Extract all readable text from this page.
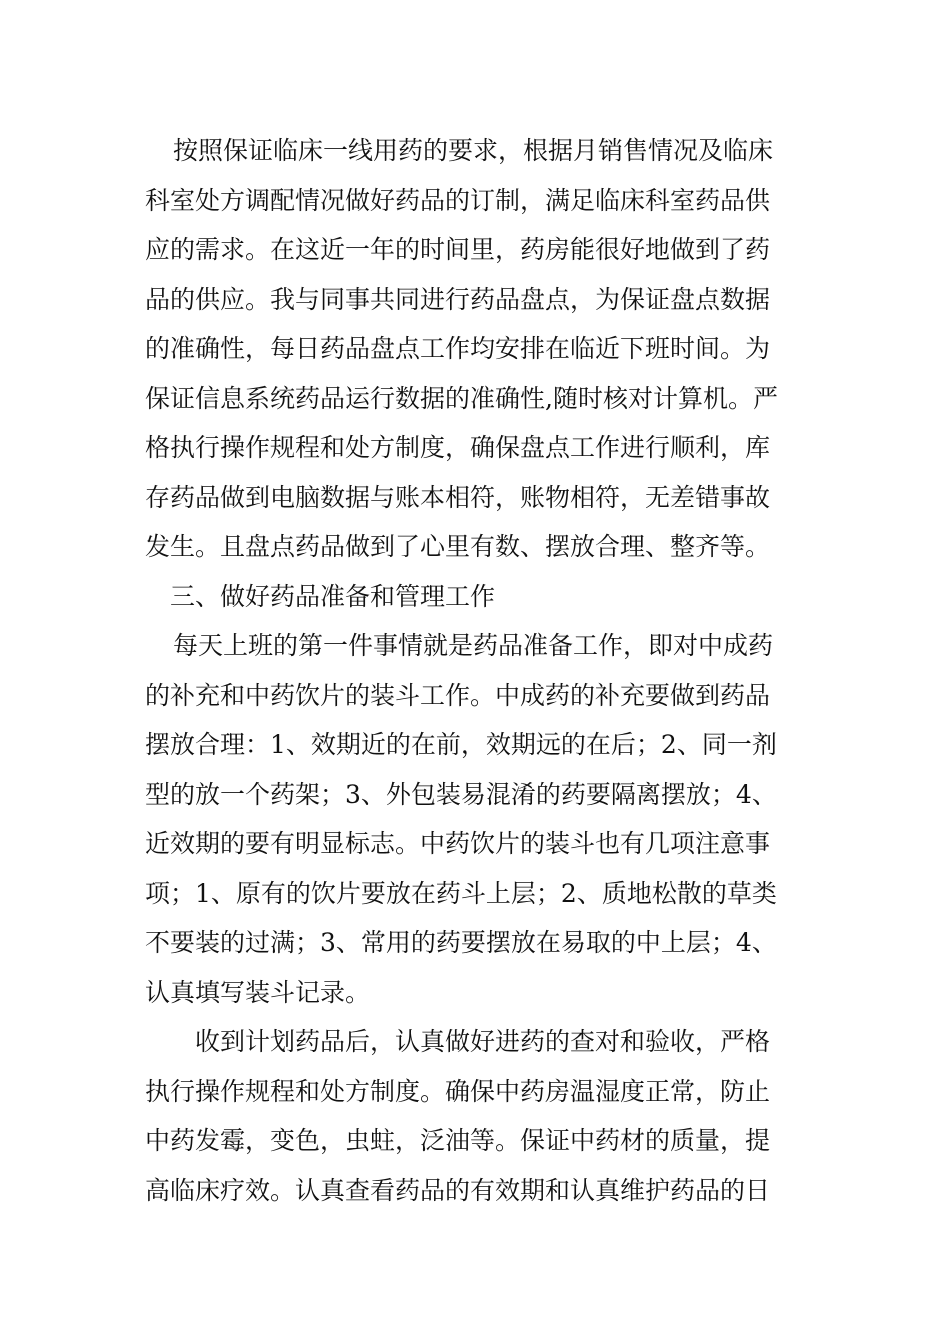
按照保证临床一线用药的要求，根据月销售情况及临床
科室处方调配情况做好药品的订制，满足临床科室药品供
应的需求。在这近一年的时间里，药房能很好地做到了药
品的供应。我与同事共同进行药品盘点，为保证盘点数据
的准确性，每日药品盘点工作均安排在临近下班时间。为
保证信息系统药品运行数据的准确性,随时核对计算机。严
格执行操作规程和处方制度，确保盘点工作进行顺利，库
存药品做到电脑数据与账本相符，账物相符，无差错事故
发生。且盘点药品做到了心里有数、摆放合理、整齐等。
三、做好药品准备和管理工作
每天上班的第一件事情就是药品准备工作，即对中成药
的补充和中药饮片的装斗工作。中成药的补充要做到药品
摆放合理：1、效期近的在前，效期远的在后；2、同一剂
型的放一个药架；3、外包装易混淆的药要隔离摆放；4、
近效期的要有明显标志。中药饮片的装斗也有几项注意事
项；1、原有的饮片要放在药斗上层；2、质地松散的草类
不要装的过满；3、常用的药要摆放在易取的中上层；4、
认真填写装斗记录。
收到计划药品后，认真做好进药的查对和验收，严格
执行操作规程和处方制度。确保中药房温湿度正常，防止
中药发霉，变色，虫蛀，泛油等。保证中药材的质量，提
高临床疗效。认真查看药品的有效期和认真维护药品的日
